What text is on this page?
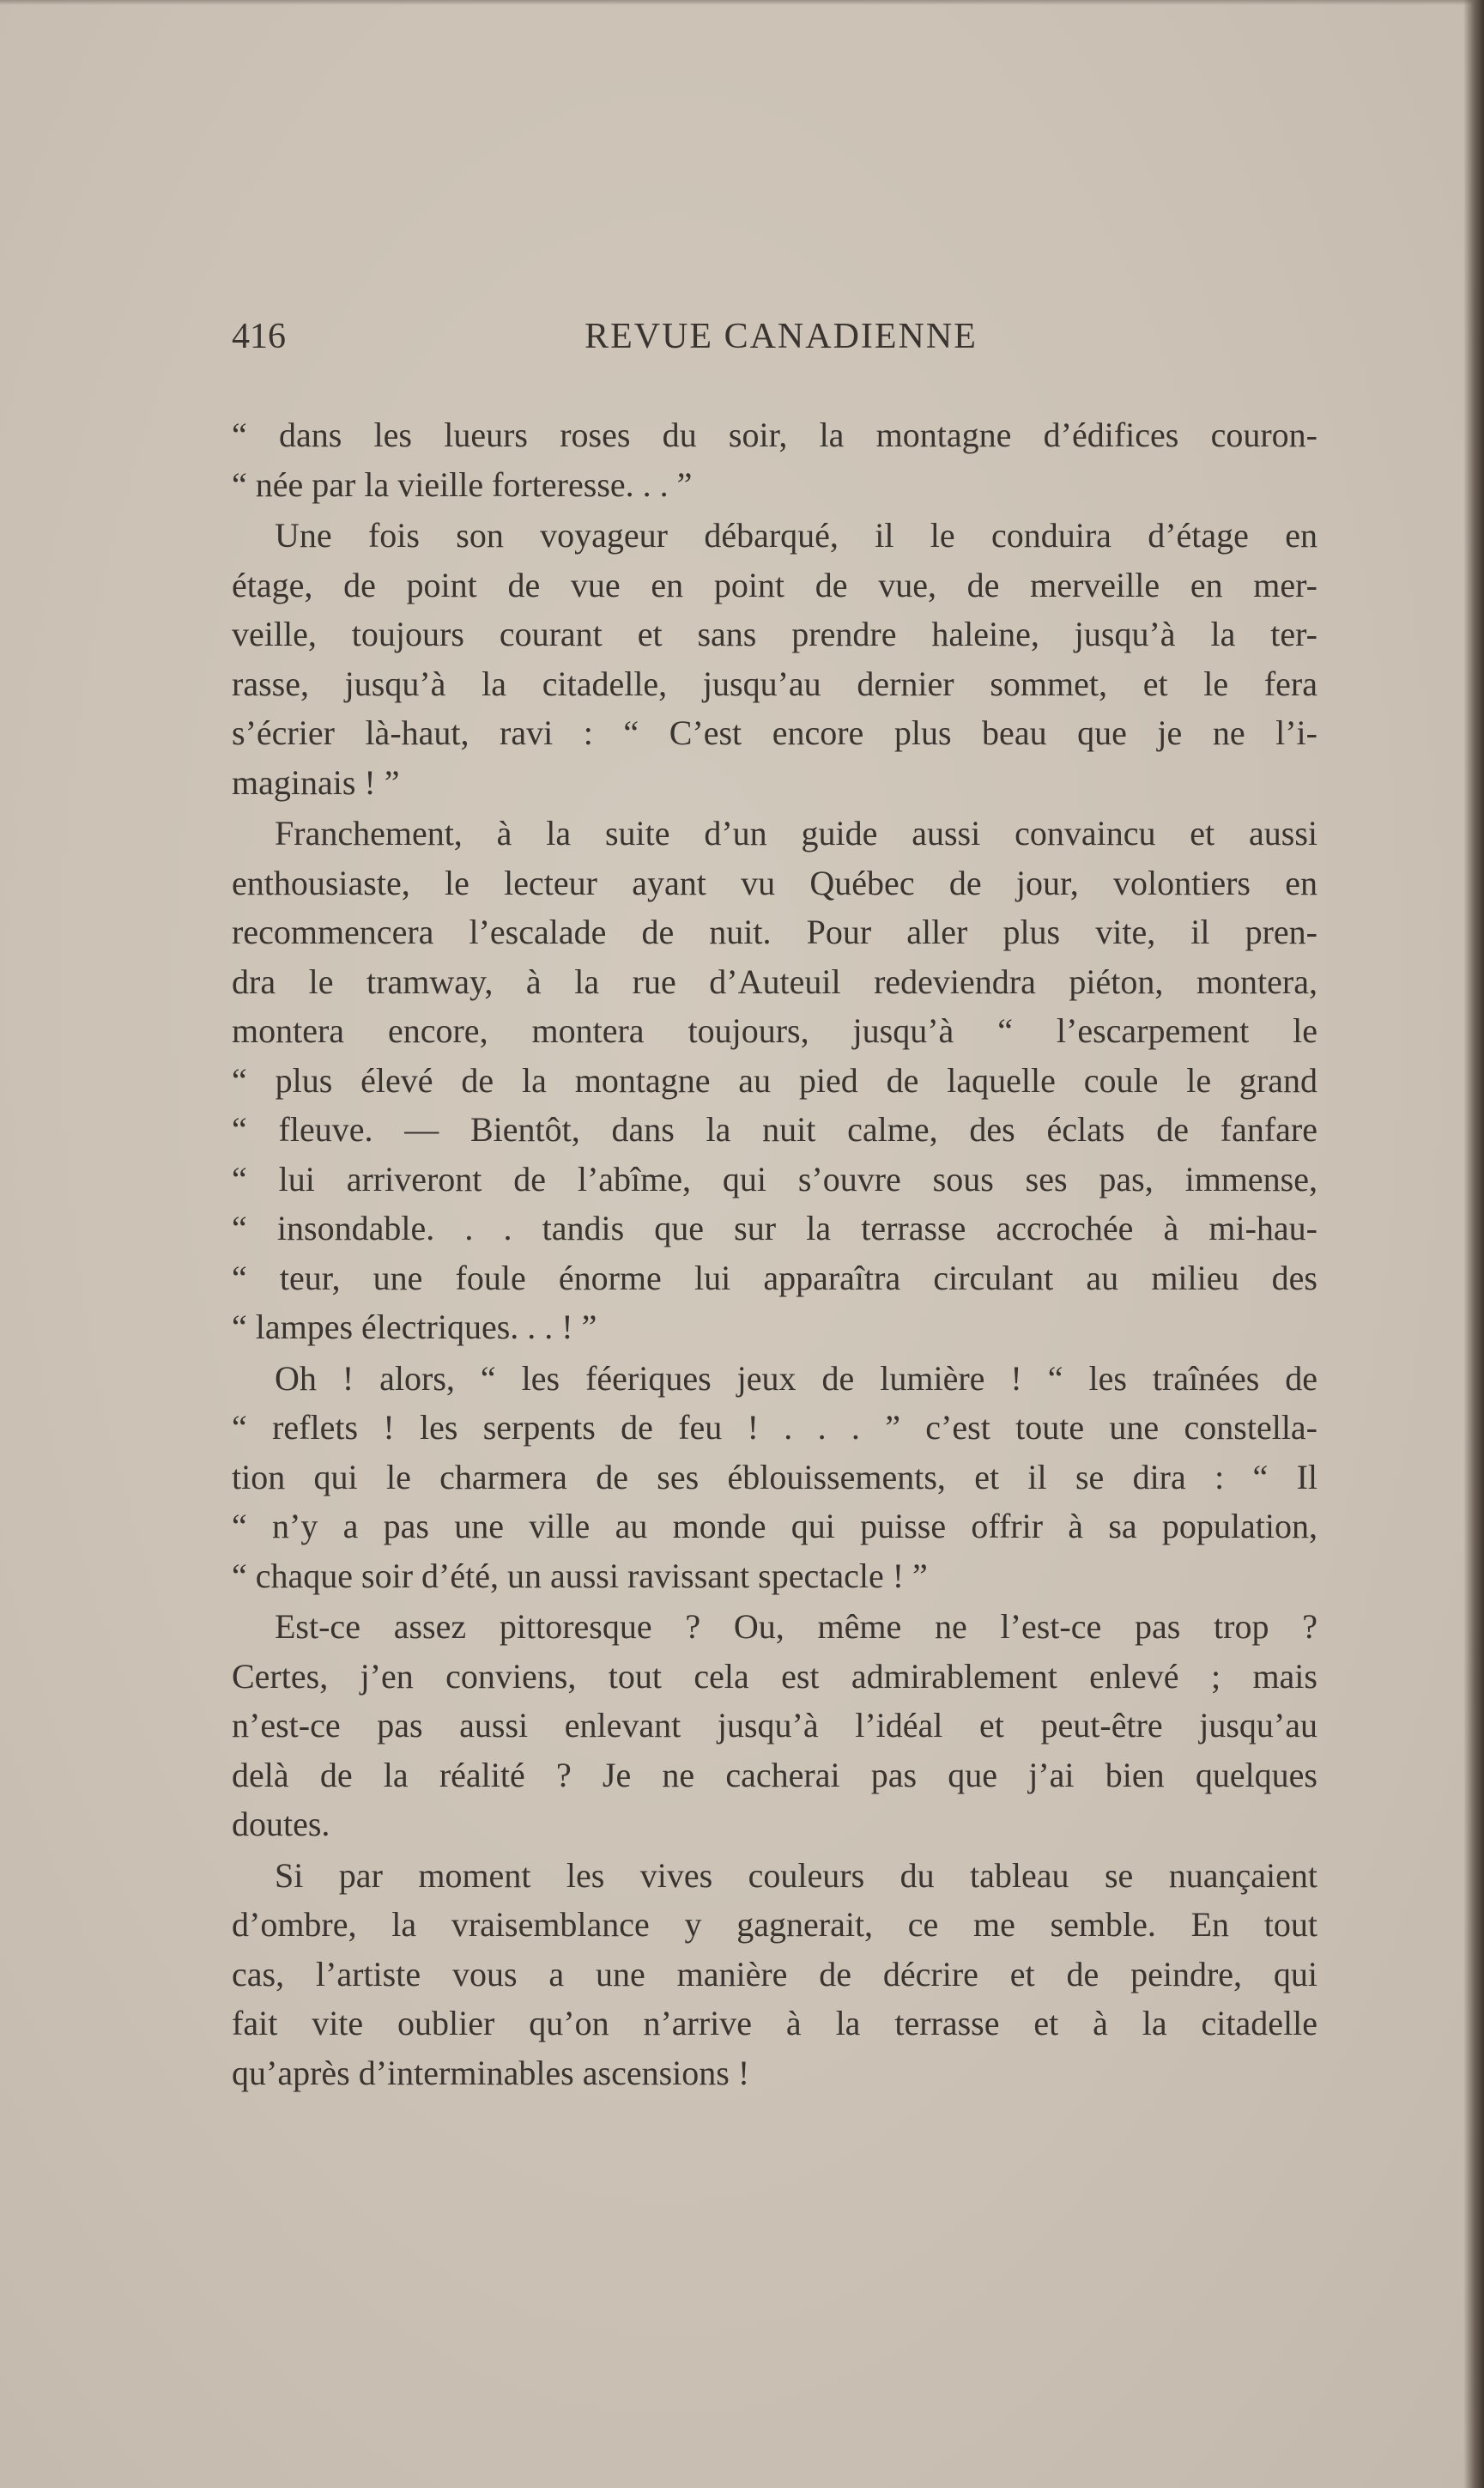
416	REVUE CANADIENNE
“ dans les lueurs roses du soir, la montagne d’édifices couron-
“ née par la vieille forteresse. . . ”
Une fois son voyageur débarqué, il le conduira d’étage en
étage, de point de vue en point de vue, de merveille en mer-
veille, toujours courant et sans prendre haleine, jusqu’à la ter-
rasse, jusqu’à la citadelle, jusqu’au dernier sommet, et le fera
s’écrier là-haut, ravi : “ C’est encore plus beau que je ne l’i-
maginais ! ”
Franchement, à la suite d’un guide aussi convaincu et aussi
enthousiaste, le lecteur ayant vu Québec de jour, volontiers en
recommencera l’escalade de nuit. Pour aller plus vite, il pren-
dra le tramway, à la rue d’Auteuil redeviendra piéton, montera,
montera encore, montera toujours, jusqu’à “ l’escarpement le
“ plus élevé de la montagne au pied de laquelle coule le grand
“ fleuve. — Bientôt, dans la nuit calme, des éclats de fanfare
“ lui arriveront de l’abîme, qui s’ouvre sous ses pas, immense,
“ insondable. . . tandis que sur la terrasse accrochée à mi-hau-
“ teur, une foule énorme lui apparaîtra circulant au milieu des
“ lampes électriques. . . ! ”
Oh ! alors, “ les féeriques jeux de lumière ! “ les traînées de
“ reflets ! les serpents de feu ! . . . ” c’est toute une constella-
tion qui le charmera de ses éblouissements, et il se dira : “ Il
“ n’y a pas une ville au monde qui puisse offrir à sa population,
“ chaque soir d’été, un aussi ravissant spectacle ! ”
Est-ce assez pittoresque ? Ou, même ne l’est-ce pas trop ?
Certes, j’en conviens, tout cela est admirablement enlevé ; mais
n’est-ce pas aussi enlevant jusqu’à l’idéal et peut-être jusqu’au
delà de la réalité ? Je ne cacherai pas que j’ai bien quelques
doutes.
Si par moment les vives couleurs du tableau se nuançaient
d’ombre, la vraisemblance y gagnerait, ce me semble. En tout
cas, l’artiste vous a une manière de décrire et de peindre, qui
fait vite oublier qu’on n’arrive à la terrasse et à la citadelle
qu’après d’interminables ascensions !
